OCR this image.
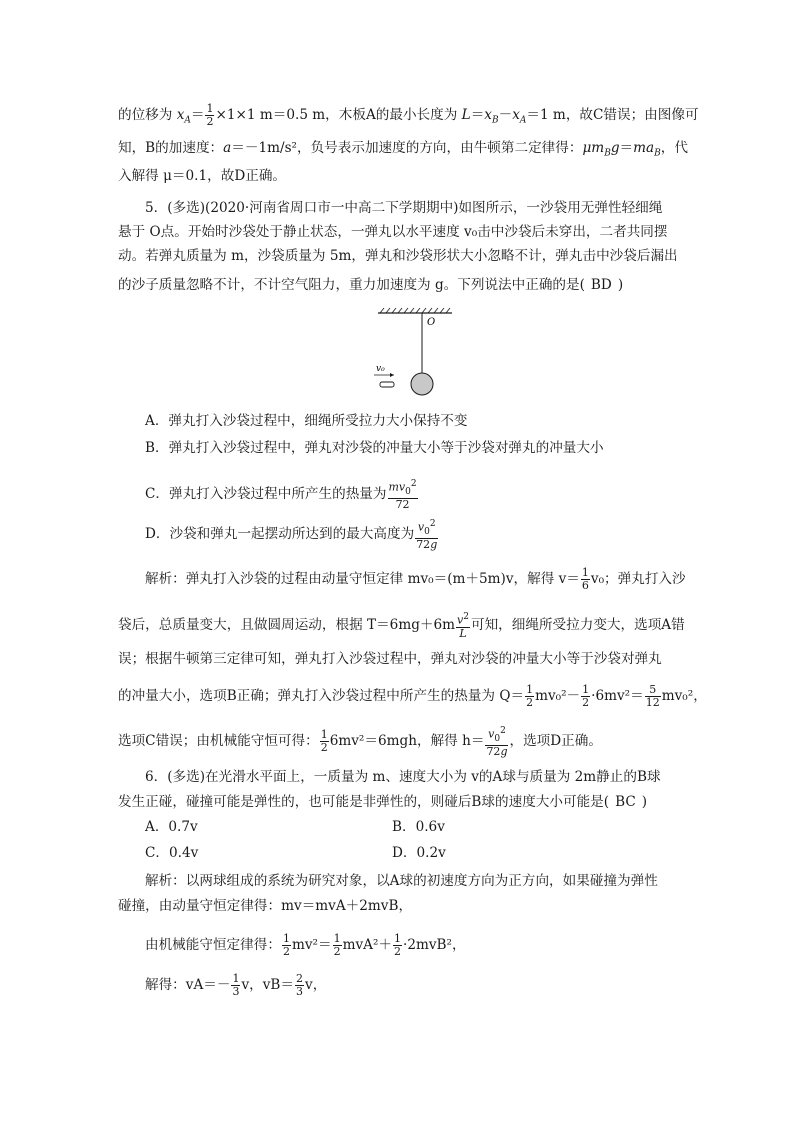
的位移为 $x_A= \frac{1}{2} \times 1\times 1$ m＝0.5 m，木板A的最小长度为 $L=x_B-x_A=1$ m，故C错误；由图像可
知，B的加速度：a＝－1m/s²，负号表示加速度的方向，由牛顿第二定律得：$\mu m_Bg=ma_B$，代
入解得 μ＝0.1，故D正确。
5．(多选)(2020·河南省周口市一中高二下学期期中)如图所示，一沙袋用无弹性轻细绳
悬于 O点。开始时沙袋处于静止状态，一弹丸以水平速度 v₀击中沙袋后未穿出，二者共同摆
动。若弹丸质量为 m，沙袋质量为 5m，弹丸和沙袋形状大小忽略不计，弹丸击中沙袋后漏出
的沙子质量忽略不计，不计空气阻力，重力加速度为 g。下列说法中正确的是( BD )
O
v₀
A．弹丸打入沙袋过程中，细绳所受拉力大小保持不变
B．弹丸打入沙袋过程中，弹丸对沙袋的冲量大小等于沙袋对弹丸的冲量大小
C．弹丸打入沙袋过程中所产生的热量为 $\frac{mv_0^2}{72}$
D．沙袋和弹丸一起摆动所达到的最大高度为 $\frac{v_0^2}{72g}$
解析：弹丸打入沙袋的过程由动量守恒定律 mv₀＝(m＋5m)v，解得 $v= \frac{1}{6} v_0$；弹丸打入沙
袋后，总质量变大，且做圆周运动，根据 $T=6mg+6m \frac{v^2}{L}$ 可知，细绳所受拉力变大，选项A错
误；根据牛顿第三定律可知，弹丸打入沙袋过程中，弹丸对沙袋的冲量大小等于沙袋对弹丸
的冲量大小，选项B正确；弹丸打入沙袋过程中所产生的热量为 $Q= \frac{1}{2} mv_0^2- \frac{1}{2} \cdot 6mv^2= \frac{5}{12} mv_0^2$，
选项C错误；由机械能守恒可得： $\frac{1}{2} 6mv^2=6mgh$，解得 $h= \frac{v_0^2}{72g}$ ，选项D正确。
6．(多选)在光滑水平面上，一质量为 m、速度大小为 v的A球与质量为 2m静止的B球
发生正碰，碰撞可能是弹性的，也可能是非弹性的，则碰后B球的速度大小可能是( BC )
A．0.7v	B．0.6v
C．0.4v	D．0.2v
解析：以两球组成的系统为研究对象，以A球的初速度方向为正方向，如果碰撞为弹性
碰撞，由动量守恒定律得：mv＝mvA＋2mvB，
由机械能守恒定律得： $\frac{1}{2} mv^2= \frac{1}{2} mvA^2+ \frac{1}{2} \cdot 2mvB^2$，
解得：$vA=- \frac{1}{3}$ v，$vB= \frac{2}{3}$ v，
